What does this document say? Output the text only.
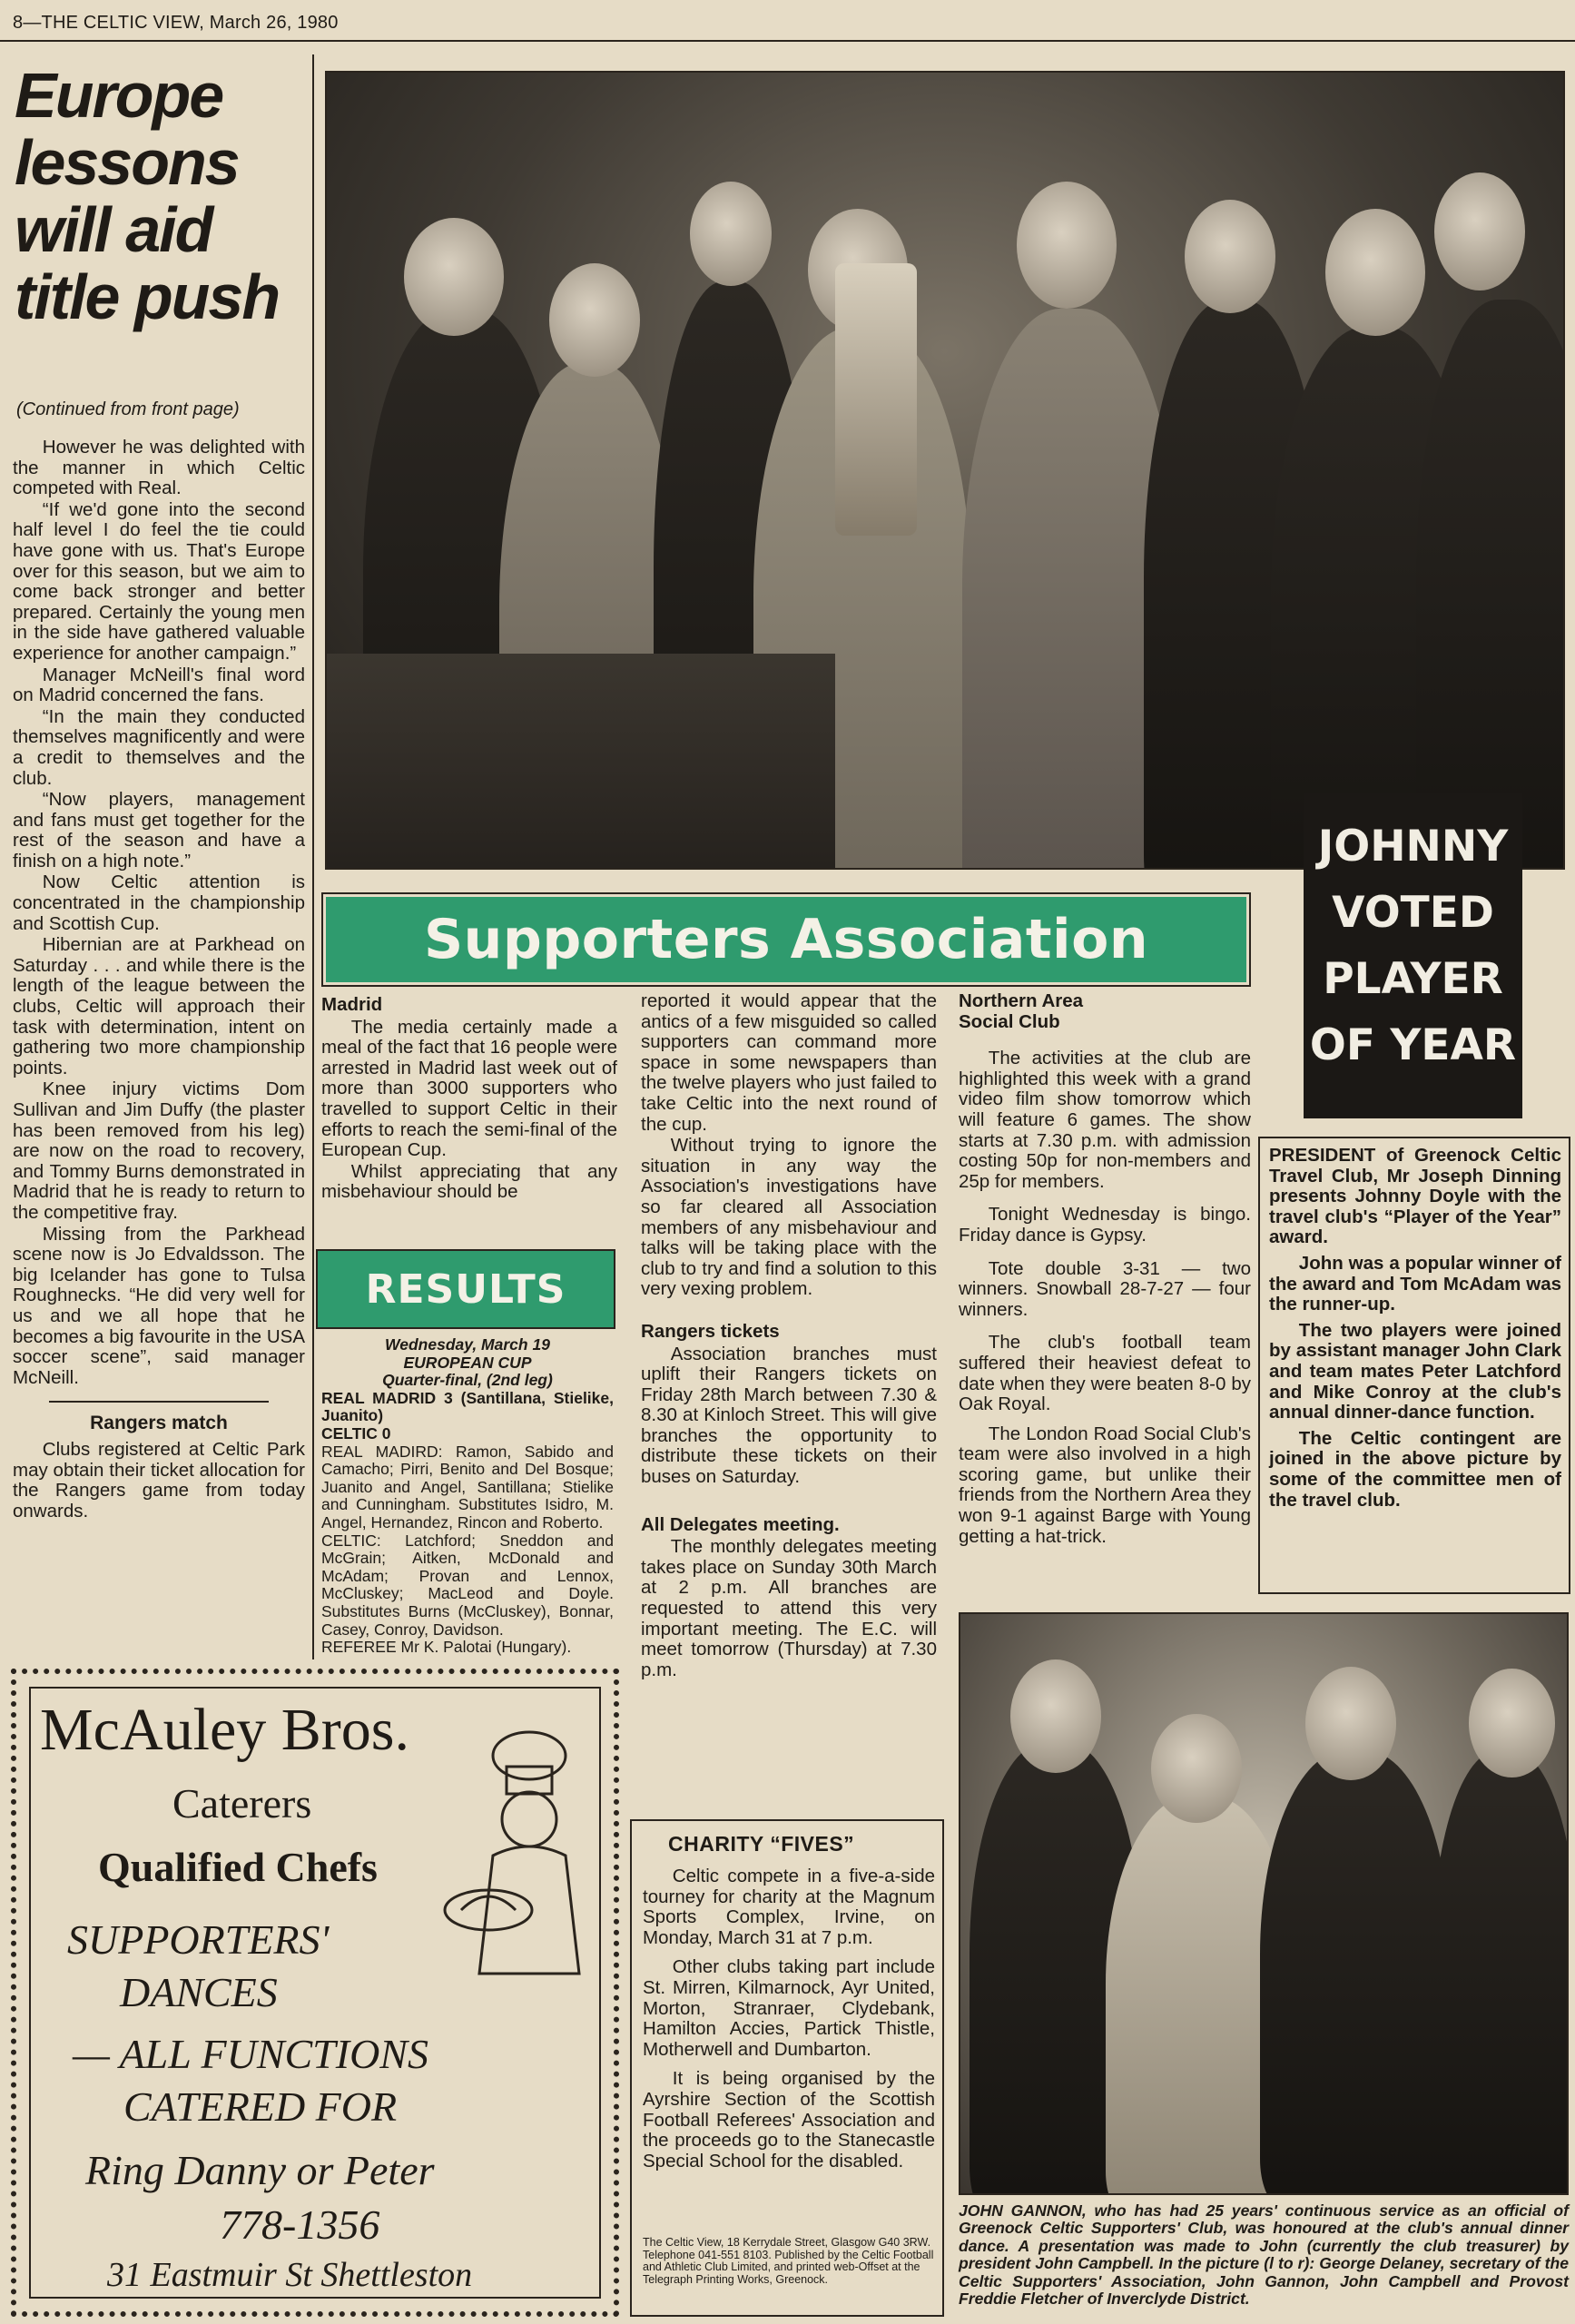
8—THE CELTIC VIEW, March 26, 1980
Europe
lessons
will aid
title push
(Continued from front page)

However he was delighted with the manner in which Celtic competed with Real.

“If we'd gone into the second half level I do feel the tie could have gone with us. That's Europe over for this season, but we aim to come back stronger and better prepared. Certainly the young men in the side have gathered valuable experience for another campaign.”

Manager McNeill's final word on Madrid concerned the fans.

“In the main they conducted themselves magnificently and were a credit to themselves and the club.

“Now players, management and fans must get together for the rest of the season and have a finish on a high note.”

Now Celtic attention is concentrated in the championship and Scottish Cup.

Hibernian are at Parkhead on Saturday . . . and while there is the length of the league between the clubs, Celtic will approach their task with determination, intent on gathering two more championship points.

Knee injury victims Dom Sullivan and Jim Duffy (the plaster has been removed from his leg) are now on the road to recovery, and Tommy Burns demonstrated in Madrid that he is ready to return to the competitive fray.

Missing from the Parkhead scene now is Jo Edvaldsson. The big Icelander has gone to Tulsa Roughnecks. “He did very well for us and we all hope that he becomes a big favourite in the USA soccer scene”, said manager McNeill.

Rangers match

Clubs registered at Celtic Park may obtain their ticket allocation for the Rangers game from today onwards.

Supporters Association
JOHNNY
VOTED
PLAYER
OF YEAR

PRESIDENT of Greenock Celtic Travel Club, Mr Joseph Dinning presents Johnny Doyle with the travel club's “Player of the Year” award.

John was a popular winner of the award and Tom McAdam was the runner-up.

The two players were joined by assistant manager John Clark and team mates Peter Latchford and Mike Conroy at the club's annual dinner-dance function.

The Celtic contingent are joined in the above picture by some of the committee men of the travel club.

Madrid

The media certainly made a meal of the fact that 16 people were arrested in Madrid last week out of more than 3000 supporters who travelled to support Celtic in their efforts to reach the semi-final of the European Cup.

Whilst appreciating that any misbehaviour should be

RESULTS

Wednesday, March 19

EUROPEAN CUP

Quarter-final, (2nd leg)

REAL MADRID 3 (Santillana, Stielike, Juanito)

CELTIC 0

REAL MADIRD: Ramon, Sabido and Camacho; Pirri, Benito and Del Bosque; Juanito and Angel, Santillana; Stielike and Cunningham. Substitutes Isidro, M. Angel, Hernandez, Rincon and Roberto.

CELTIC: Latchford; Sneddon and McGrain; Aitken, McDonald and McAdam; Provan and Lennox, McCluskey; MacLeod and Doyle. Substitutes Burns (McCluskey), Bonnar, Casey, Conroy, Davidson.

REFEREE Mr K. Palotai (Hungary).

reported it would appear that the antics of a few misguided so called supporters can command more space in some newspapers than the twelve players who just failed to take Celtic into the next round of the cup.

Without trying to ignore the situation in any way the Association's investigations have so far cleared all Association members of any misbehaviour and talks will be taking place with the club to try and find a solution to this very vexing problem.

Rangers tickets

Association branches must uplift their Rangers tickets on Friday 28th March between 7.30 & 8.30 at Kinloch Street. This will give branches the opportunity to distribute these tickets on their buses on Saturday.

All Delegates meeting.

The monthly delegates meeting takes place on Sunday 30th March at 2 p.m. All branches are requested to attend this very important meeting. The E.C. will meet tomorrow (Thursday) at 7.30 p.m.

Northern Area

Social Club

The activities at the club are highlighted this week with a grand video film show tomorrow which will feature 6 games. The show starts at 7.30 p.m. with admission costing 50p for non-members and 25p for members.

Tonight Wednesday is bingo. Friday dance is Gypsy.

Tote double 3-31 — two winners. Snowball 28-7-27 — four winners.

The club's football team suffered their heaviest defeat to date when they were beaten 8-0 by Oak Royal.

The London Road Social Club's team were also involved in a high scoring game, but unlike their friends from the Northern Area they won 9-1 against Barge with Young getting a hat-trick.

JOHN GANNON, who has had 25 years' continuous service as an official of Greenock Celtic Supporters' Club, was honoured at the club's annual dinner dance. A presentation was made to John (currently the club treasurer) by president John Campbell. In the picture (l to r): George Delaney, secretary of the Celtic Supporters' Association, John Gannon, John Campbell and Provost Freddie Fletcher of Inverclyde District.
McAuley Bros.
Caterers
Qualified Chefs
SUPPORTERS'
DANCES
— ALL FUNCTIONS
CATERED FOR
Ring Danny or Peter
778-1356
31 Eastmuir St Shettleston
CHARITY “FIVES”

Celtic compete in a five-a-side tourney for charity at the Magnum Sports Complex, Irvine, on Monday, March 31 at 7 p.m.

Other clubs taking part include St. Mirren, Kilmarnock, Ayr United, Morton, Stranraer, Clydebank, Hamilton Accies, Partick Thistle, Motherwell and Dumbarton.

It is being organised by the Ayrshire Section of the Scottish Football Referees' Association and the proceeds go to the Stanecastle Special School for the disabled.

The Celtic View, 18 Kerrydale Street, Glasgow G40 3RW. Telephone 041-551 8103. Published by the Celtic Football and Athletic Club Limited, and printed web-Offset at the Telegraph Printing Works, Greenock.
